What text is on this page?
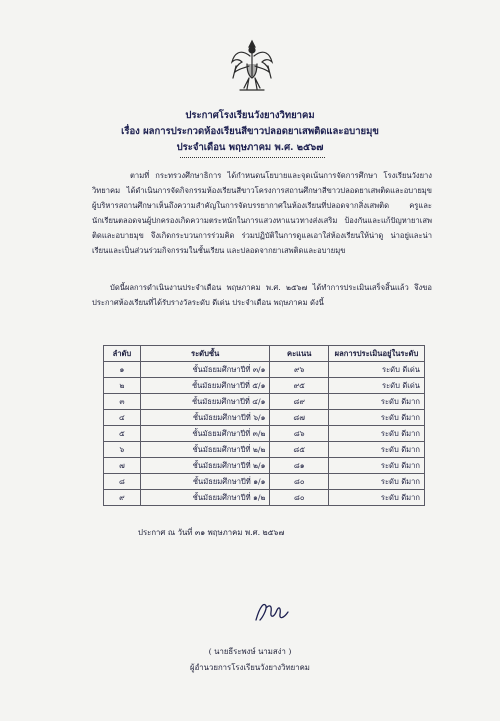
ประกาศโรงเรียนวังยางวิทยาคม
เรื่อง ผลการประกวดห้องเรียนสีขาวปลอดยาเสพติดและอบายมุข
ประจำเดือน พฤษภาคม พ.ศ. ๒๕๖๗
ตามที่ กระทรวงศึกษาธิการ ได้กำหนดนโยบายและจุดเน้นการจัดการศึกษา โรงเรียนวังยางวิทยาคม ได้ดำเนินการจัดกิจกรรมห้องเรียนสีขาวโครงการสถานศึกษาสีขาวปลอดยาเสพติดและอบายมุข ผู้บริหารสถานศึกษาเห็นถึงความสำคัญในการจัดบรรยากาศในห้องเรียนที่ปลอดจากสิ่งเสพติด ครูและนักเรียนตลอดจนผู้ปกครองเกิดความตระหนักในการแสวงหาแนวทางส่งเสริม ป้องกันและแก้ปัญหายาเสพติดและอบายมุข จึงเกิดกระบวนการร่วมคิด ร่วมปฏิบัติในการดูแลเอาใส่ห้องเรียนให้น่าดู น่าอยู่และน่าเรียนและเป็นส่วนร่วมกิจกรรมในชั้นเรียน และปลอดจากยาเสพติดและอบายมุข
บัดนี้ผลการดำเนินงานประจำเดือน พฤษภาคม พ.ศ. ๒๕๖๗ ได้ทำการประเมินเสร็จสิ้นแล้ว จึงขอประกาศห้องเรียนที่ได้รับรางวัลระดับ ดีเด่น ประจำเดือน พฤษภาคม ดังนี้
ลำดับ	ระดับชั้น	คะแนน	ผลการประเมินอยู่ในระดับ
๑	ชั้นมัธยมศึกษาปีที่ ๓/๑	๙๖	ระดับ ดีเด่น
๒	ชั้นมัธยมศึกษาปีที่ ๕/๑	๙๕	ระดับ ดีเด่น
๓	ชั้นมัธยมศึกษาปีที่ ๔/๑	๘๙	ระดับ ดีมาก
๔	ชั้นมัธยมศึกษาปีที่ ๖/๑	๘๗	ระดับ ดีมาก
๕	ชั้นมัธยมศึกษาปีที่ ๓/๒	๘๖	ระดับ ดีมาก
๖	ชั้นมัธยมศึกษาปีที่ ๒/๒	๘๕	ระดับ ดีมาก
๗	ชั้นมัธยมศึกษาปีที่ ๒/๑	๘๑	ระดับ ดีมาก
๘	ชั้นมัธยมศึกษาปีที่ ๑/๑	๘๐	ระดับ ดีมาก
๙	ชั้นมัธยมศึกษาปีที่ ๑/๒	๘๐	ระดับ ดีมาก
ประกาศ ณ วันที่ ๓๑ พฤษภาคม พ.ศ. ๒๕๖๗
( นายธีระพงษ์ นามสง่า )
ผู้อำนวยการโรงเรียนวังยางวิทยาคม
